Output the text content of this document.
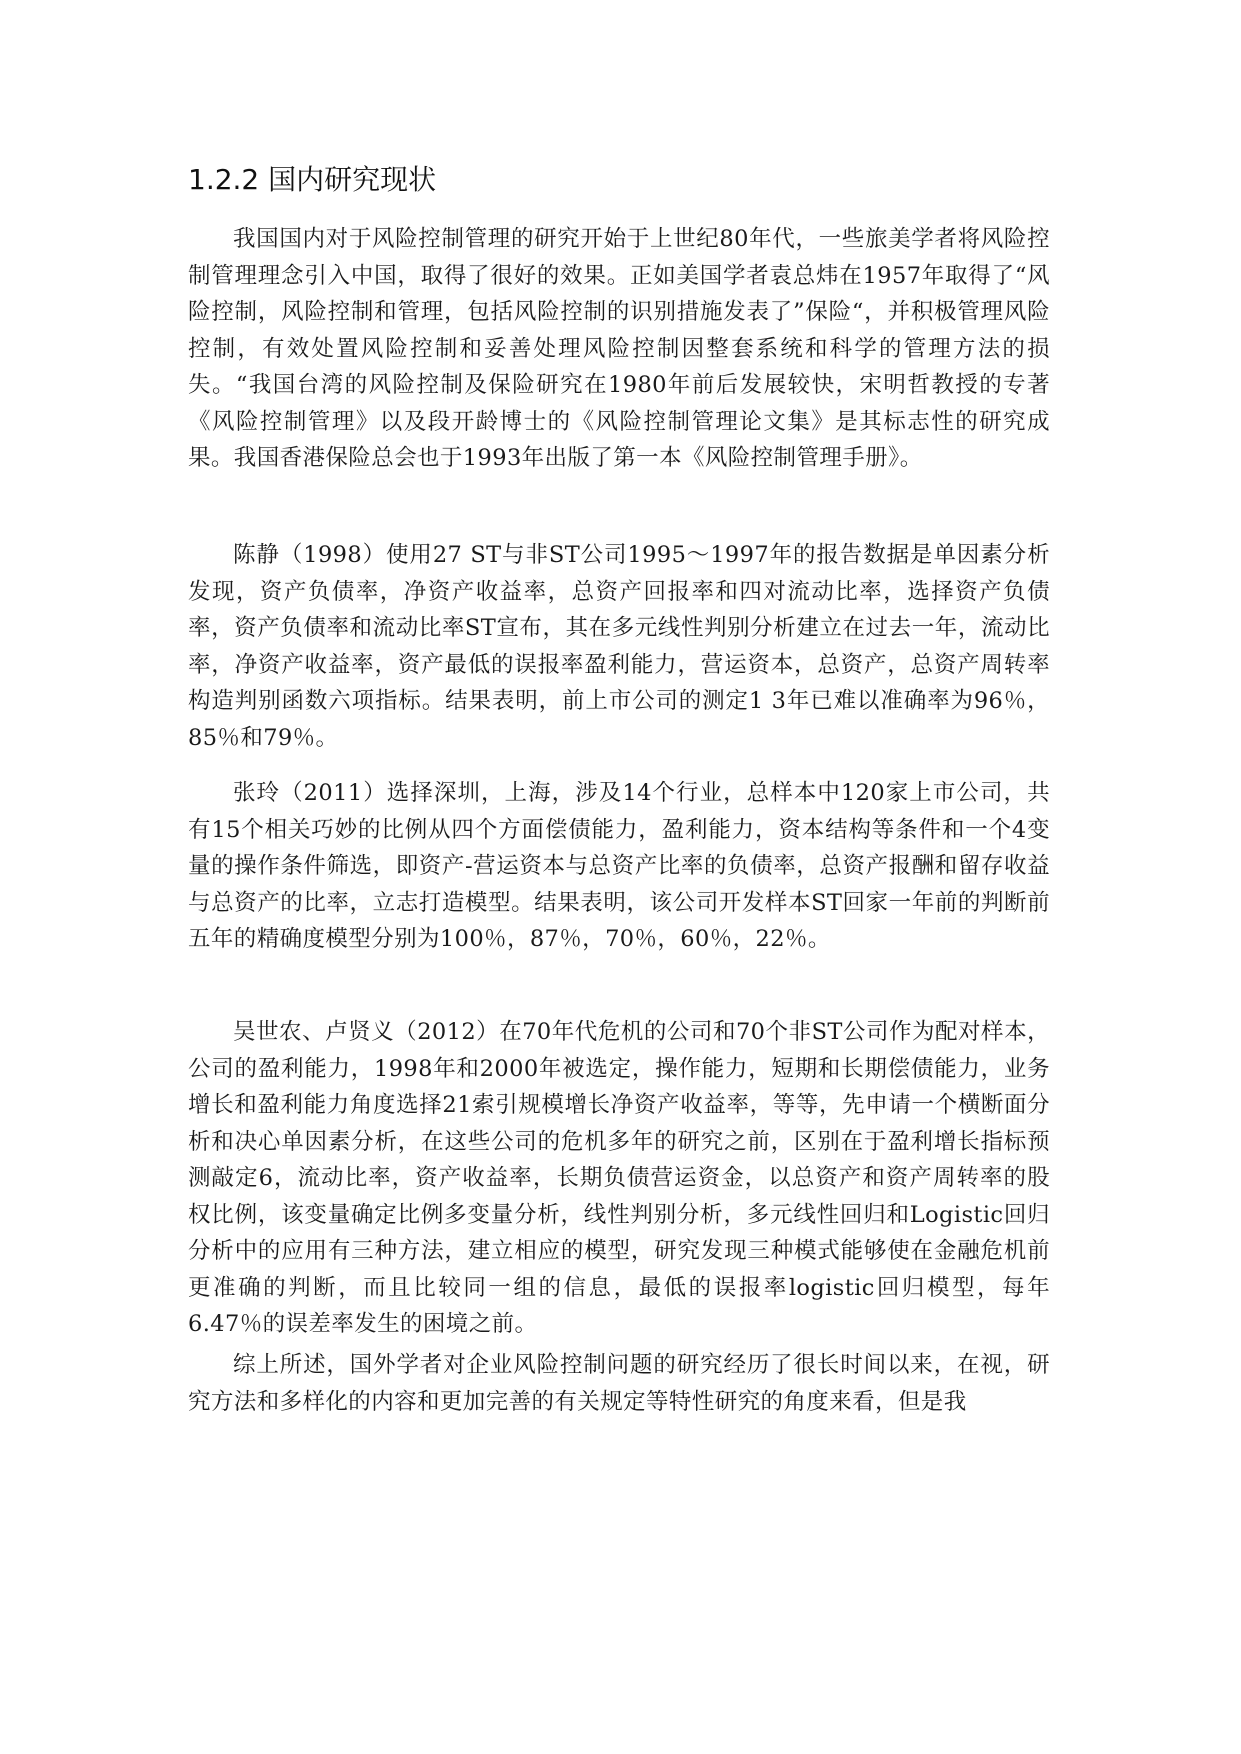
1.2.2 国内研究现状

我国国内对于风险控制管理的研究开始于上世纪80年代，一些旅美学者将风险控制管理理念引入中国，取得了很好的效果。正如美国学者袁总炜在1957年取得了“风险控制，风险控制和管理，包括风险控制的识别措施发表了”保险“，并积极管理风险控制，有效处置风险控制和妥善处理风险控制因整套系统和科学的管理方法的损失。“我国台湾的风险控制及保险研究在1980年前后发展较快，宋明哲教授的专著《风险控制管理》以及段开龄博士的《风险控制管理论文集》是其标志性的研究成果。我国香港保险总会也于1993年出版了第一本《风险控制管理手册》。

陈静（1998）使用27 ST与非ST公司1995〜1997年的报告数据是单因素分析发现，资产负债率，净资产收益率，总资产回报率和四对流动比率，选择资产负债率，资产负债率和流动比率ST宣布，其在多元线性判别分析建立在过去一年，流动比率，净资产收益率，资产最低的误报率盈利能力，营运资本，总资产，总资产周转率构造判别函数六项指标。结果表明，前上市公司的测定1 3年已难以准确率为96％，85％和79％。

张玲（2011）选择深圳，上海，涉及14个行业，总样本中120家上市公司，共有15个相关巧妙的比例从四个方面偿债能力，盈利能力，资本结构等条件和一个4变量的操作条件筛选，即资产-营运资本与总资产比率的负债率，总资产报酬和留存收益与总资产的比率，立志打造模型。结果表明，该公司开发样本ST回家一年前的判断前五年的精确度模型分别为100％，87％，70％，60％，22％。

吴世农、卢贤义（2012）在70年代危机的公司和70个非ST公司作为配对样本，公司的盈利能力，1998年和2000年被选定，操作能力，短期和长期偿债能力，业务增长和盈利能力角度选择21索引规模增长净资产收益率，等等，先申请一个横断面分析和决心单因素分析，在这些公司的危机多年的研究之前，区别在于盈利增长指标预测敲定6，流动比率，资产收益率，长期负债营运资金，以总资产和资产周转率的股权比例，该变量确定比例多变量分析，线性判别分析，多元线性回归和Logistic回归分析中的应用有三种方法，建立相应的模型，研究发现三种模式能够使在金融危机前更准确的判断，而且比较同一组的信息，最低的误报率logistic回归模型，每年6.47％的误差率发生的困境之前。

综上所述，国外学者对企业风险控制问题的研究经历了很长时间以来，在视，研究方法和多样化的内容和更加完善的有关规定等特性研究的角度来看，但是我
